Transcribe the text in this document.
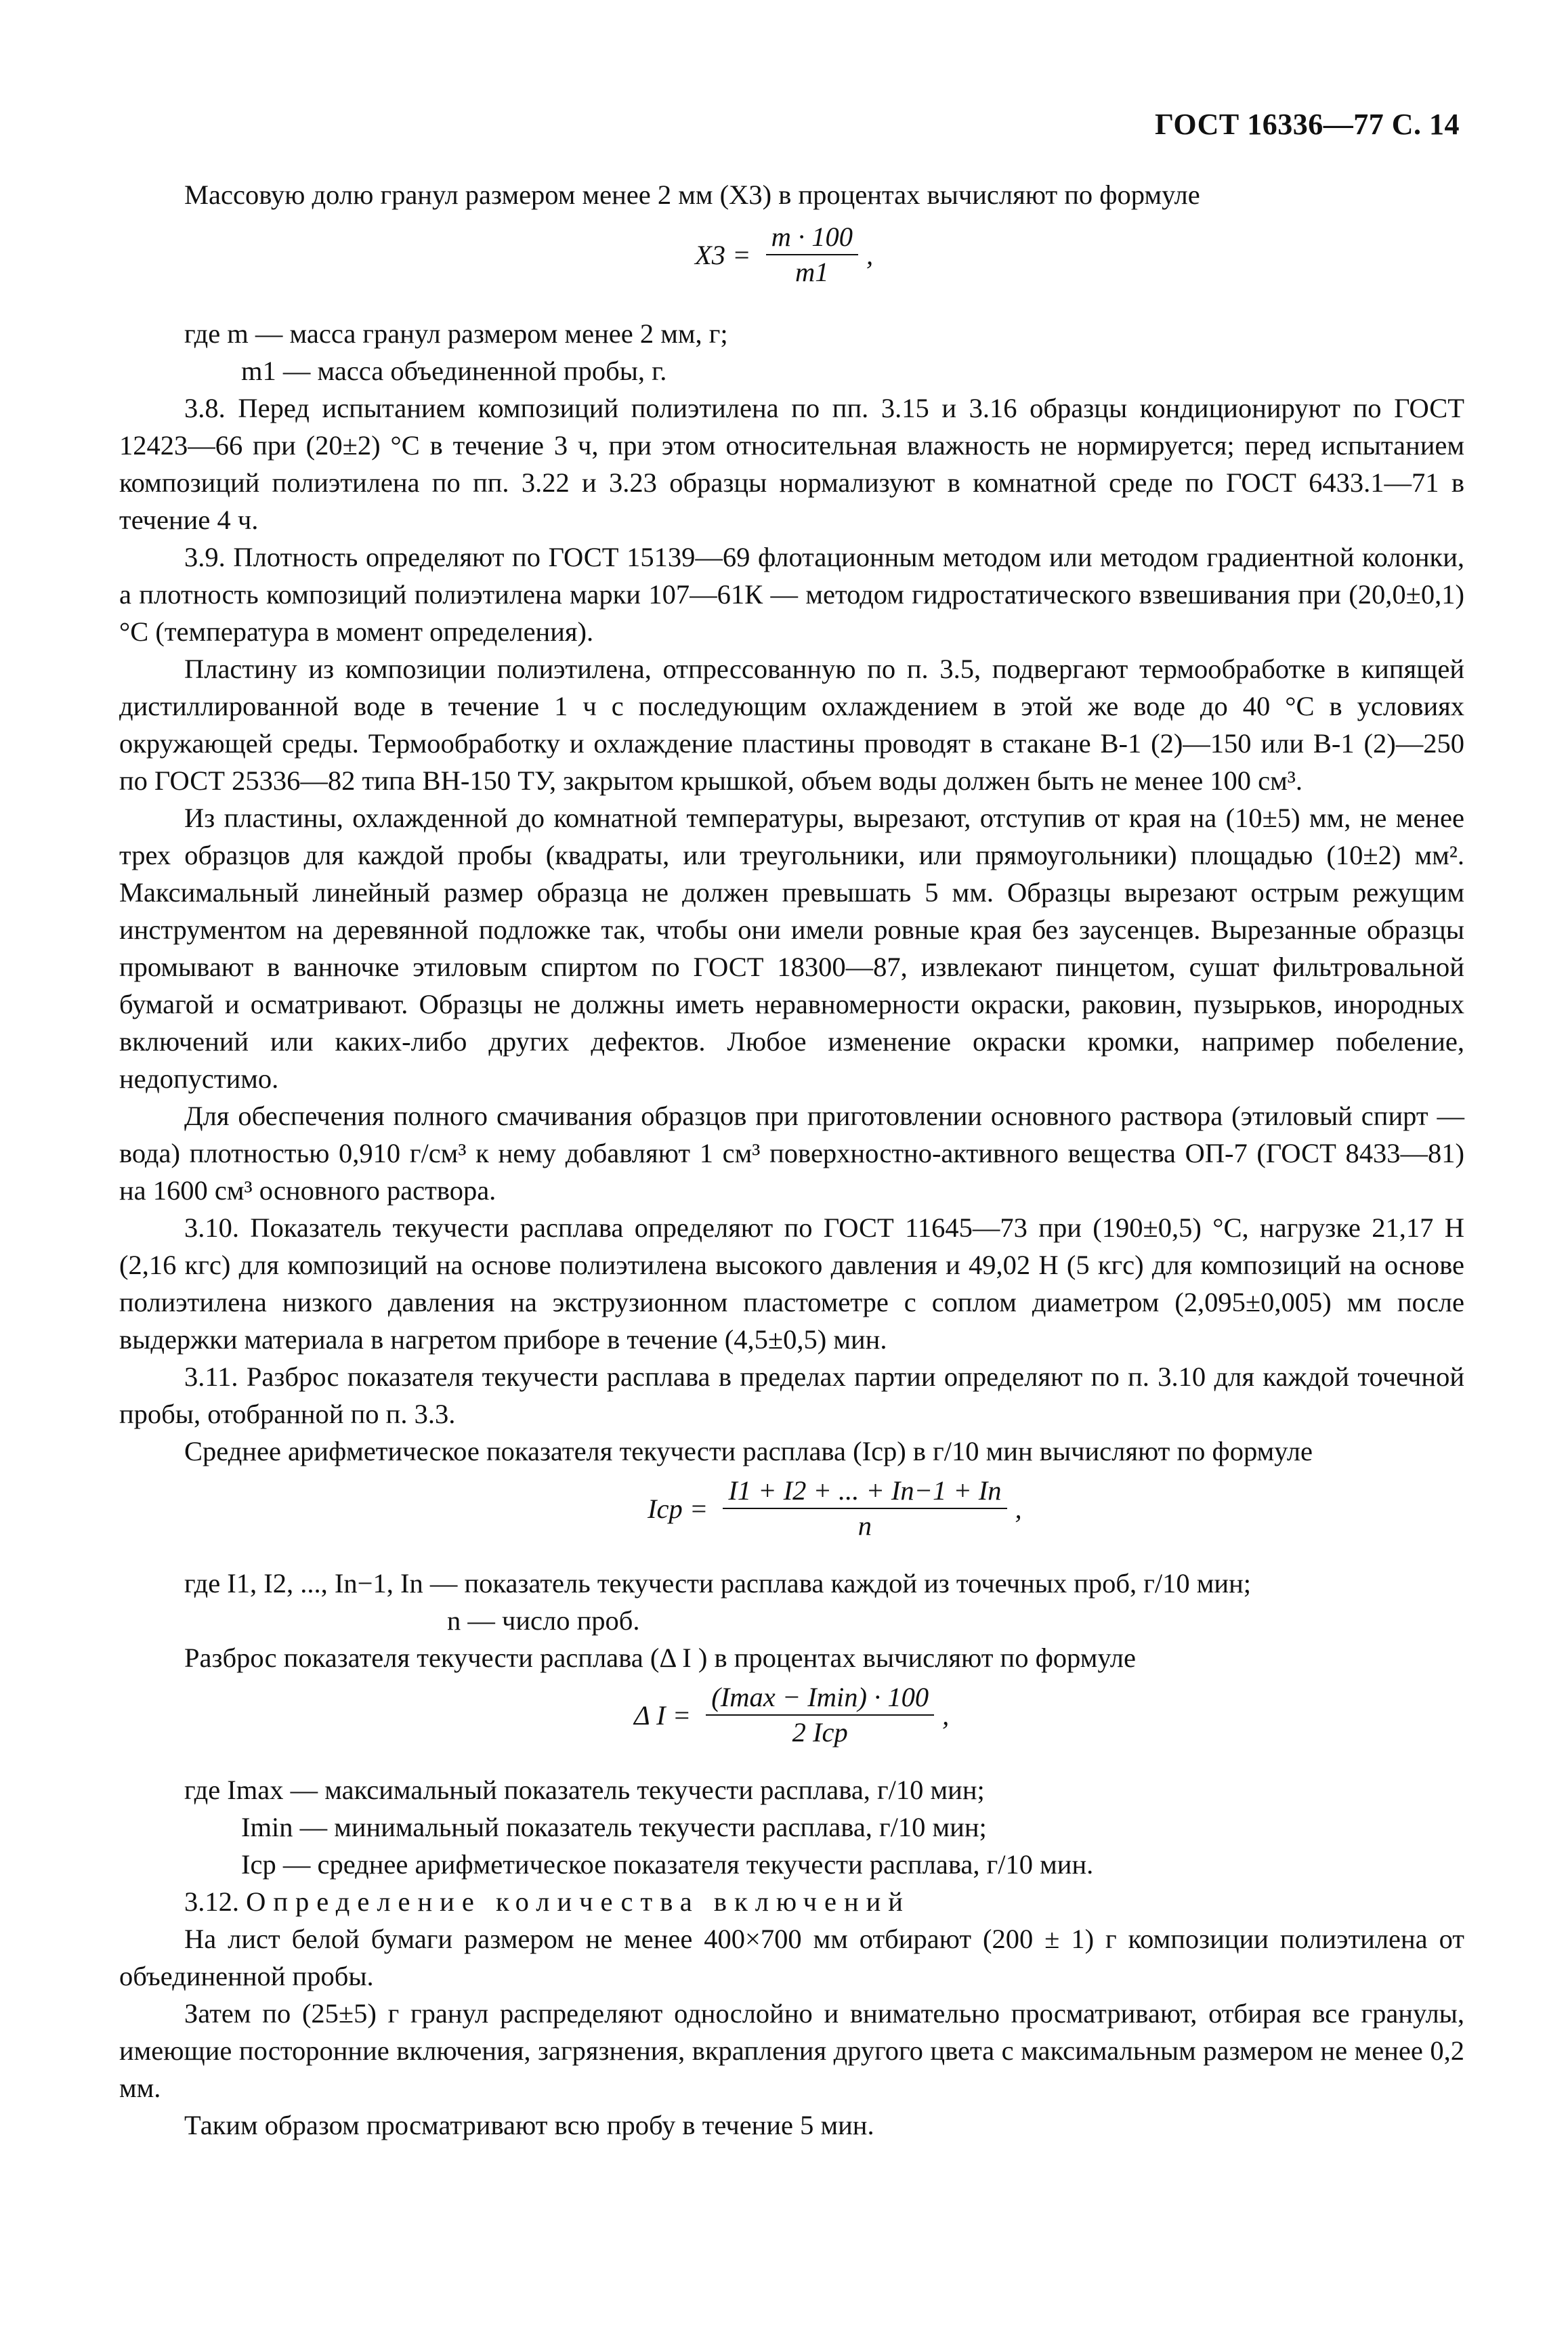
ГОСТ 16336—77 С. 14

Массовую долю гранул размером менее 2 мм (X3) в процентах вычисляют по формуле

$X3 = \frac{m \cdot 100}{m1}$ ,
где m — масса гранул размером менее 2 мм, г;
m1 — масса объединенной пробы, г.

3.8. Перед испытанием композиций полиэтилена по пп. 3.15 и 3.16 образцы кондиционируют по ГОСТ 12423—66 при (20±2) °С в течение 3 ч, при этом относительная влажность не нормируется; перед испытанием композиций полиэтилена по пп. 3.22 и 3.23 образцы нормализуют в комнатной среде по ГОСТ 6433.1—71 в течение 4 ч.

3.9. Плотность определяют по ГОСТ 15139—69 флотационным методом или методом градиентной колонки, а плотность композиций полиэтилена марки 107—61К — методом гидростатического взвешивания при (20,0±0,1) °С (температура в момент определения).

Пластину из композиции полиэтилена, отпрессованную по п. 3.5, подвергают термообработке в кипящей дистиллированной воде в течение 1 ч с последующим охлаждением в этой же воде до 40 °С в условиях окружающей среды. Термообработку и охлаждение пластины проводят в стакане В-1 (2)—150 или В-1 (2)—250 по ГОСТ 25336—82 типа ВН-150 ТУ, закрытом крышкой, объем воды должен быть не менее 100 см³.

Из пластины, охлажденной до комнатной температуры, вырезают, отступив от края на (10±5) мм, не менее трех образцов для каждой пробы (квадраты, или треугольники, или прямоугольники) площадью (10±2) мм². Максимальный линейный размер образца не должен превышать 5 мм. Образцы вырезают острым режущим инструментом на деревянной подложке так, чтобы они имели ровные края без заусенцев. Вырезанные образцы промывают в ванночке этиловым спиртом по ГОСТ 18300—87, извлекают пинцетом, сушат фильтровальной бумагой и осматривают. Образцы не должны иметь неравномерности окраски, раковин, пузырьков, инородных включений или каких-либо других дефектов. Любое изменение окраски кромки, например побеление, недопустимо.

Для обеспечения полного смачивания образцов при приготовлении основного раствора (этиловый спирт — вода) плотностью 0,910 г/см³ к нему добавляют 1 см³ поверхностно-активного вещества ОП-7 (ГОСТ 8433—81) на 1600 см³ основного раствора.

3.10. Показатель текучести расплава определяют по ГОСТ 11645—73 при (190±0,5) °С, нагрузке 21,17 Н (2,16 кгс) для композиций на основе полиэтилена высокого давления и 49,02 Н (5 кгс) для композиций на основе полиэтилена низкого давления на экструзионном пластометре с соплом диаметром (2,095±0,005) мм после выдержки материала в нагретом приборе в течение (4,5±0,5) мин.

3.11. Разброс показателя текучести расплава в пределах партии определяют по п. 3.10 для каждой точечной пробы, отобранной по п. 3.3.

Среднее арифметическое показателя текучести расплава (Iср) в г/10 мин вычисляют по формуле

Iср = $\frac{I1 + I2 + ... + In-1 + In}{n}$ ,
где I1, I2, ..., In−1, In — показатель текучести расплава каждой из точечных проб, г/10 мин;
n — число проб.

Разброс показателя текучести расплава (Δ I ) в процентах вычисляют по формуле

Δ $I = \frac{(Imax - Imin) \cdot 100}{\text{2 Iср}}$ ,
где Imax — максимальный показатель текучести расплава, г/10 мин;
Imin — минимальный показатель текучести расплава, г/10 мин;
Iср — среднее арифметическое показателя текучести расплава, г/10 мин.

3.12. Определение количества включений

На лист белой бумаги размером не менее 400×700 мм отбирают (200 ± 1) г композиции полиэтилена от объединенной пробы.

Затем по (25±5) г гранул распределяют однослойно и внимательно просматривают, отбирая все гранулы, имеющие посторонние включения, загрязнения, вкрапления другого цвета с максимальным размером не менее 0,2 мм.

Таким образом просматривают всю пробу в течение 5 мин.
